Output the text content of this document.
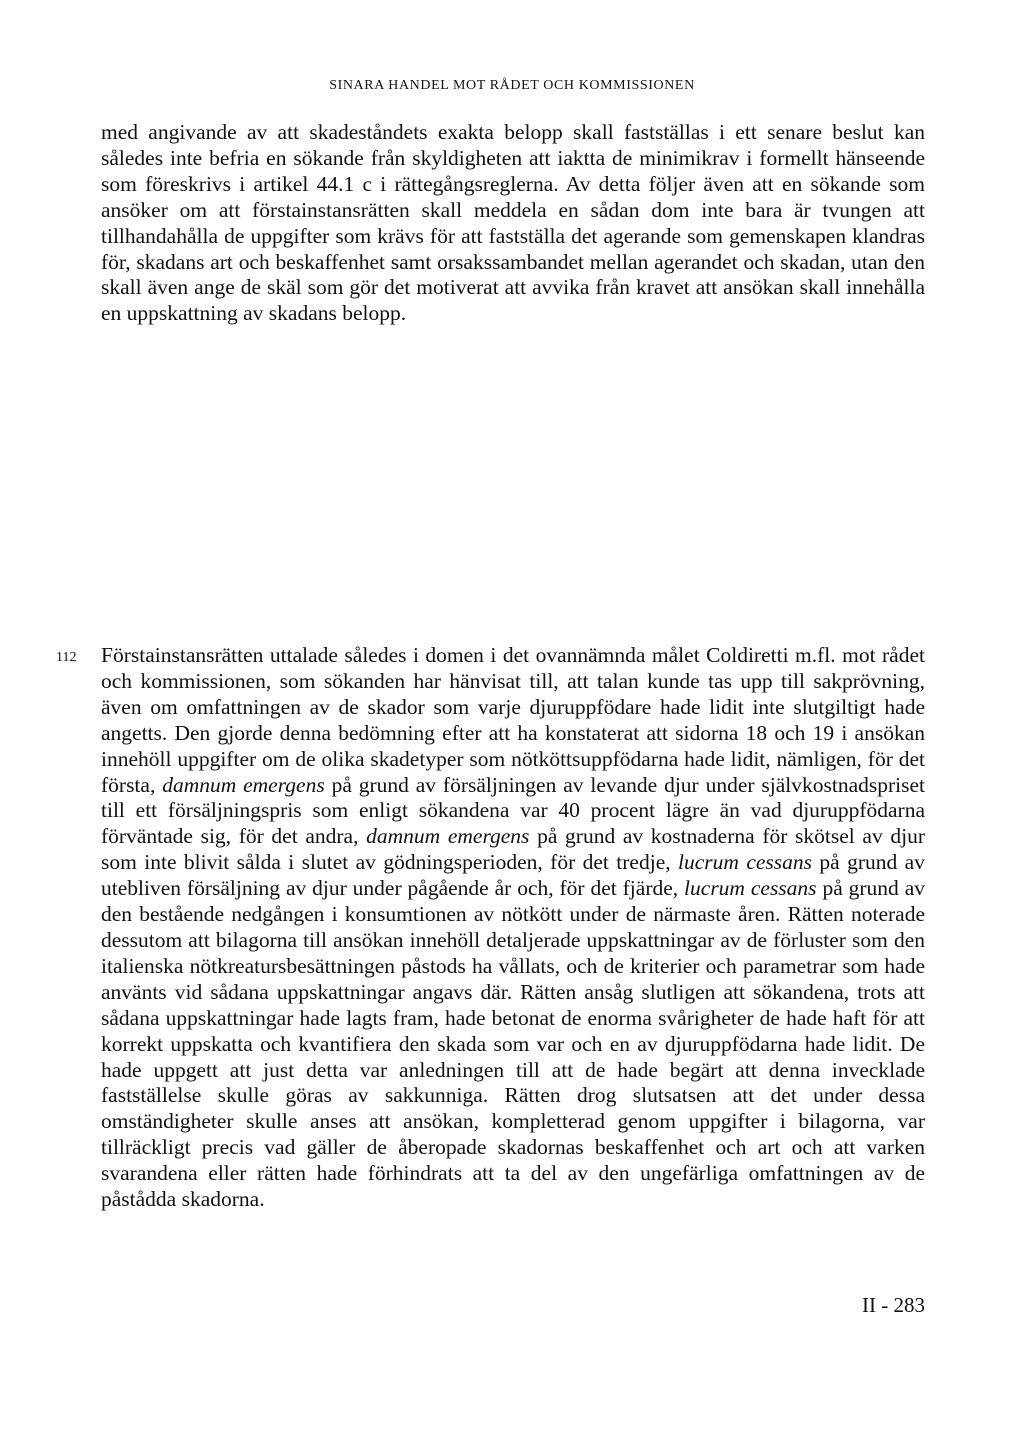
SINARA HANDEL MOT RÅDET OCH KOMMISSIONEN

med angivande av att skadeståndets exakta belopp skall fastställas i ett senare beslut kan således inte befria en sökande från skyldigheten att iaktta de minimikrav i formellt hänseende som föreskrivs i artikel 44.1 c i rättegångsreglerna. Av detta följer även att en sökande som ansöker om att förstainstansrätten skall meddela en sådan dom inte bara är tvungen att tillhandahålla de uppgifter som krävs för att fastställa det agerande som gemenskapen klandras för, skadans art och beskaffenhet samt orsakssambandet mellan agerandet och skadan, utan den skall även ange de skäl som gör det motiverat att avvika från kravet att ansökan skall innehålla en uppskattning av skadans belopp.

112 Förstainstansrätten uttalade således i domen i det ovannämnda målet Coldiretti m.fl. mot rådet och kommissionen, som sökanden har hänvisat till, att talan kunde tas upp till sakprövning, även om omfattningen av de skador som varje djuruppfödare hade lidit inte slutgiltigt hade angetts. Den gjorde denna bedömning efter att ha konstaterat att sidorna 18 och 19 i ansökan innehöll uppgifter om de olika skadetyper som nötköttsuppfödarna hade lidit, nämligen, för det första, damnum emergens på grund av försäljningen av levande djur under självkostnadspriset till ett försäljningspris som enligt sökandena var 40 procent lägre än vad djuruppfödarna förväntade sig, för det andra, damnum emergens på grund av kostnaderna för skötsel av djur som inte blivit sålda i slutet av gödningsperioden, för det tredje, lucrum cessans på grund av utebliven försäljning av djur under pågående år och, för det fjärde, lucrum cessans på grund av den bestående nedgången i konsumtionen av nötkött under de närmaste åren. Rätten noterade dessutom att bilagorna till ansökan innehöll detaljerade uppskattningar av de förluster som den italienska nötkreatursbesättningen påstods ha vållats, och de kriterier och parametrar som hade använts vid sådana uppskattningar angavs där. Rätten ansåg slutligen att sökandena, trots att sådana uppskattningar hade lagts fram, hade betonat de enorma svårigheter de hade haft för att korrekt uppskatta och kvantifiera den skada som var och en av djuruppfödarna hade lidit. De hade uppgett att just detta var anledningen till att de hade begärt att denna invecklade fastställelse skulle göras av sakkunniga. Rätten drog slutsatsen att det under dessa omständigheter skulle anses att ansökan, kompletterad genom uppgifter i bilagorna, var tillräckligt precis vad gäller de åberopade skadornas beskaffenhet och art och att varken svarandena eller rätten hade förhindrats att ta del av den ungefärliga omfattningen av de påstådda skadorna.

II - 283
